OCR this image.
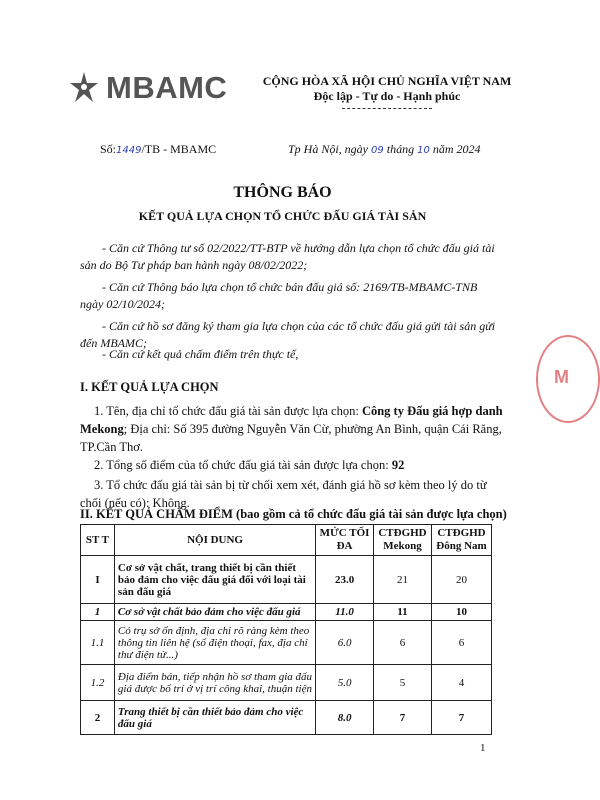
MBAMC	CỘNG HÒA XÃ HỘI CHỦ NGHĨA VIỆT NAM
Độc lập - Tự do - Hạnh phúc
Số:1449/TB - MBAMC	Tp Hà Nội, ngày 09 tháng 10 năm 2024
THÔNG BÁO
KẾT QUẢ LỰA CHỌN TỔ CHỨC ĐẤU GIÁ TÀI SẢN
- Căn cứ Thông tư số 02/2022/TT-BTP về hướng dẫn lựa chọn tổ chức đấu giá tài sản do Bộ Tư pháp ban hành ngày 08/02/2022;
- Căn cứ Thông báo lựa chọn tổ chức bán đấu giá số: 2169/TB-MBAMC-TNB ngày 02/10/2024;
- Căn cứ hồ sơ đăng ký tham gia lựa chọn của các tổ chức đấu giá gửi tài sản gửi đến MBAMC;
- Căn cứ kết quả chấm điểm trên thực tế,
M
I. KẾT QUẢ LỰA CHỌN
1. Tên, địa chỉ tổ chức đấu giá tài sản được lựa chọn: Công ty Đấu giá hợp danh Mekong; Địa chỉ: Số 395 đường Nguyễn Văn Cừ, phường An Bình, quận Cái Răng, TP.Cần Thơ.
2. Tổng số điểm của tổ chức đấu giá tài sản được lựa chọn: 92
3. Tổ chức đấu giá tài sản bị từ chối xem xét, đánh giá hồ sơ kèm theo lý do từ chối (nếu có): Không.
II. KẾT QUẢ CHẤM ĐIỂM (bao gồm cả tổ chức đấu giá tài sản được lựa chọn)
ST T	NỘI DUNG	MỨC TỐI ĐA	CTĐGHD Mekong	CTĐGHD Đông Nam
I	Cơ sở vật chất, trang thiết bị cần thiết bảo đảm cho việc đấu giá đối với loại tài sản đấu giá	23.0	21	20
1	Cơ sở vật chất bảo đảm cho việc đấu giá	11.0	11	10
1.1	Có trụ sở ổn định, địa chỉ rõ ràng kèm theo thông tin liên hệ (số điện thoại, fax, địa chỉ thư điện tử...)	6.0	6	6
1.2	Địa điểm bán, tiếp nhận hồ sơ tham gia đấu giá được bố trí ở vị trí công khai, thuận tiện	5.0	5	4
2	Trang thiết bị cần thiết bảo đảm cho việc đấu giá	8.0	7	7
1
